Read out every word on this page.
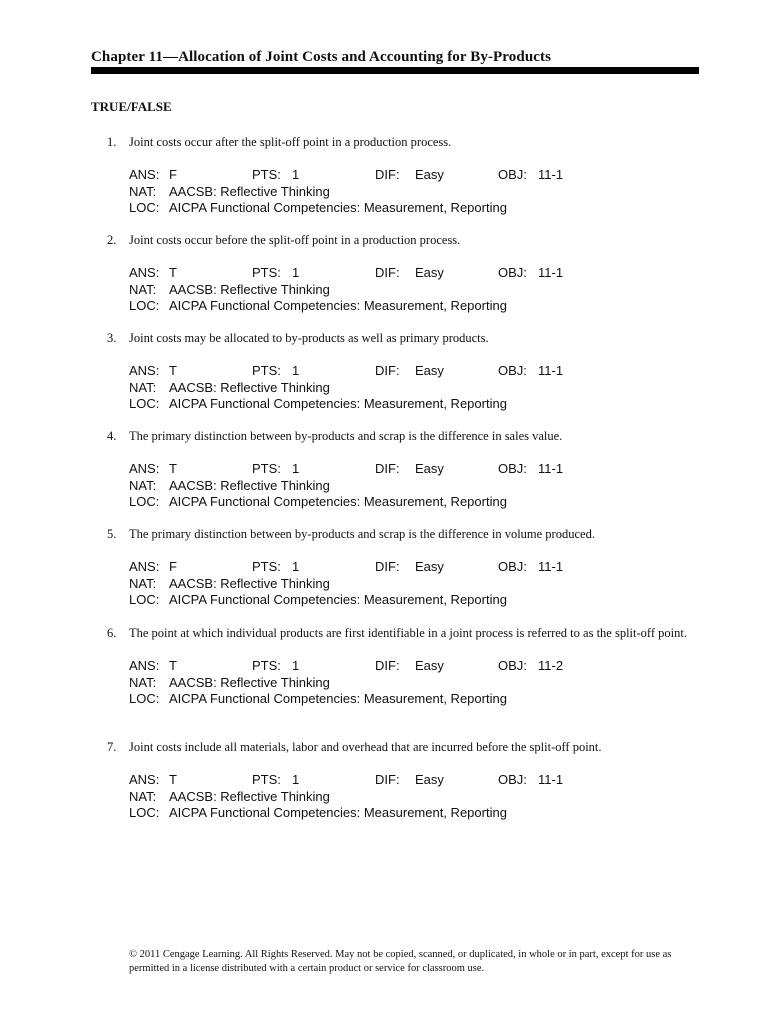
Chapter 11—Allocation of Joint Costs and Accounting for By-Products
TRUE/FALSE
1.	Joint costs occur after the split-off point in a production process.
ANS: F	PTS: 1	DIF: Easy	OBJ: 11-1
NAT: AACSB: Reflective Thinking
LOC: AICPA Functional Competencies: Measurement, Reporting
2.	Joint costs occur before the split-off point in a production process.
ANS: T	PTS: 1	DIF: Easy	OBJ: 11-1
NAT: AACSB: Reflective Thinking
LOC: AICPA Functional Competencies: Measurement, Reporting
3.	Joint costs may be allocated to by-products as well as primary products.
ANS: T	PTS: 1	DIF: Easy	OBJ: 11-1
NAT: AACSB: Reflective Thinking
LOC: AICPA Functional Competencies: Measurement, Reporting
4.	The primary distinction between by-products and scrap is the difference in sales value.
ANS: T	PTS: 1	DIF: Easy	OBJ: 11-1
NAT: AACSB: Reflective Thinking
LOC: AICPA Functional Competencies: Measurement, Reporting
5.	The primary distinction between by-products and scrap is the difference in volume produced.
ANS: F	PTS: 1	DIF: Easy	OBJ: 11-1
NAT: AACSB: Reflective Thinking
LOC: AICPA Functional Competencies: Measurement, Reporting
6.	The point at which individual products are first identifiable in a joint process is referred to as the split-off point.
ANS: T	PTS: 1	DIF: Easy	OBJ: 11-2
NAT: AACSB: Reflective Thinking
LOC: AICPA Functional Competencies: Measurement, Reporting
7.	Joint costs include all materials, labor and overhead that are incurred before the split-off point.
ANS: T	PTS: 1	DIF: Easy	OBJ: 11-1
NAT: AACSB: Reflective Thinking
LOC: AICPA Functional Competencies: Measurement, Reporting
© 2011 Cengage Learning. All Rights Reserved. May not be copied, scanned, or duplicated, in whole or in part, except for use as permitted in a license distributed with a certain product or service for classroom use.
